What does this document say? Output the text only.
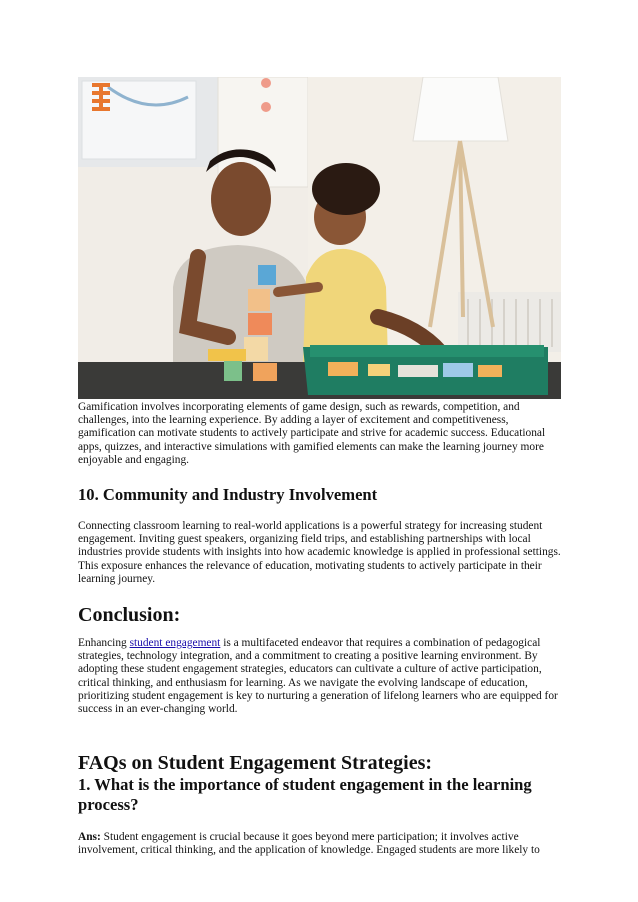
Gamification involves incorporating elements of game design, such as rewards, competition, and challenges, into the learning experience. By adding a layer of excitement and competitiveness, gamification can motivate students to actively participate and strive for academic success. Educational apps, quizzes, and interactive simulations with gamified elements can make the learning journey more enjoyable and engaging.

10. Community and Industry Involvement

Connecting classroom learning to real-world applications is a powerful strategy for increasing student engagement. Inviting guest speakers, organizing field trips, and establishing partnerships with local industries provide students with insights into how academic knowledge is applied in professional settings. This exposure enhances the relevance of education, motivating students to actively participate in their learning journey.

Conclusion:

Enhancing student engagement is a multifaceted endeavor that requires a combination of pedagogical strategies, technology integration, and a commitment to creating a positive learning environment. By adopting these student engagement strategies, educators can cultivate a culture of active participation, critical thinking, and enthusiasm for learning. As we navigate the evolving landscape of education, prioritizing student engagement is key to nurturing a generation of lifelong learners who are equipped for success in an ever-changing world.

FAQs on Student Engagement Strategies:
1. What is the importance of student engagement in the learning process?

Ans: Student engagement is crucial because it goes beyond mere participation; it involves active involvement, critical thinking, and the application of knowledge. Engaged students are more likely to
